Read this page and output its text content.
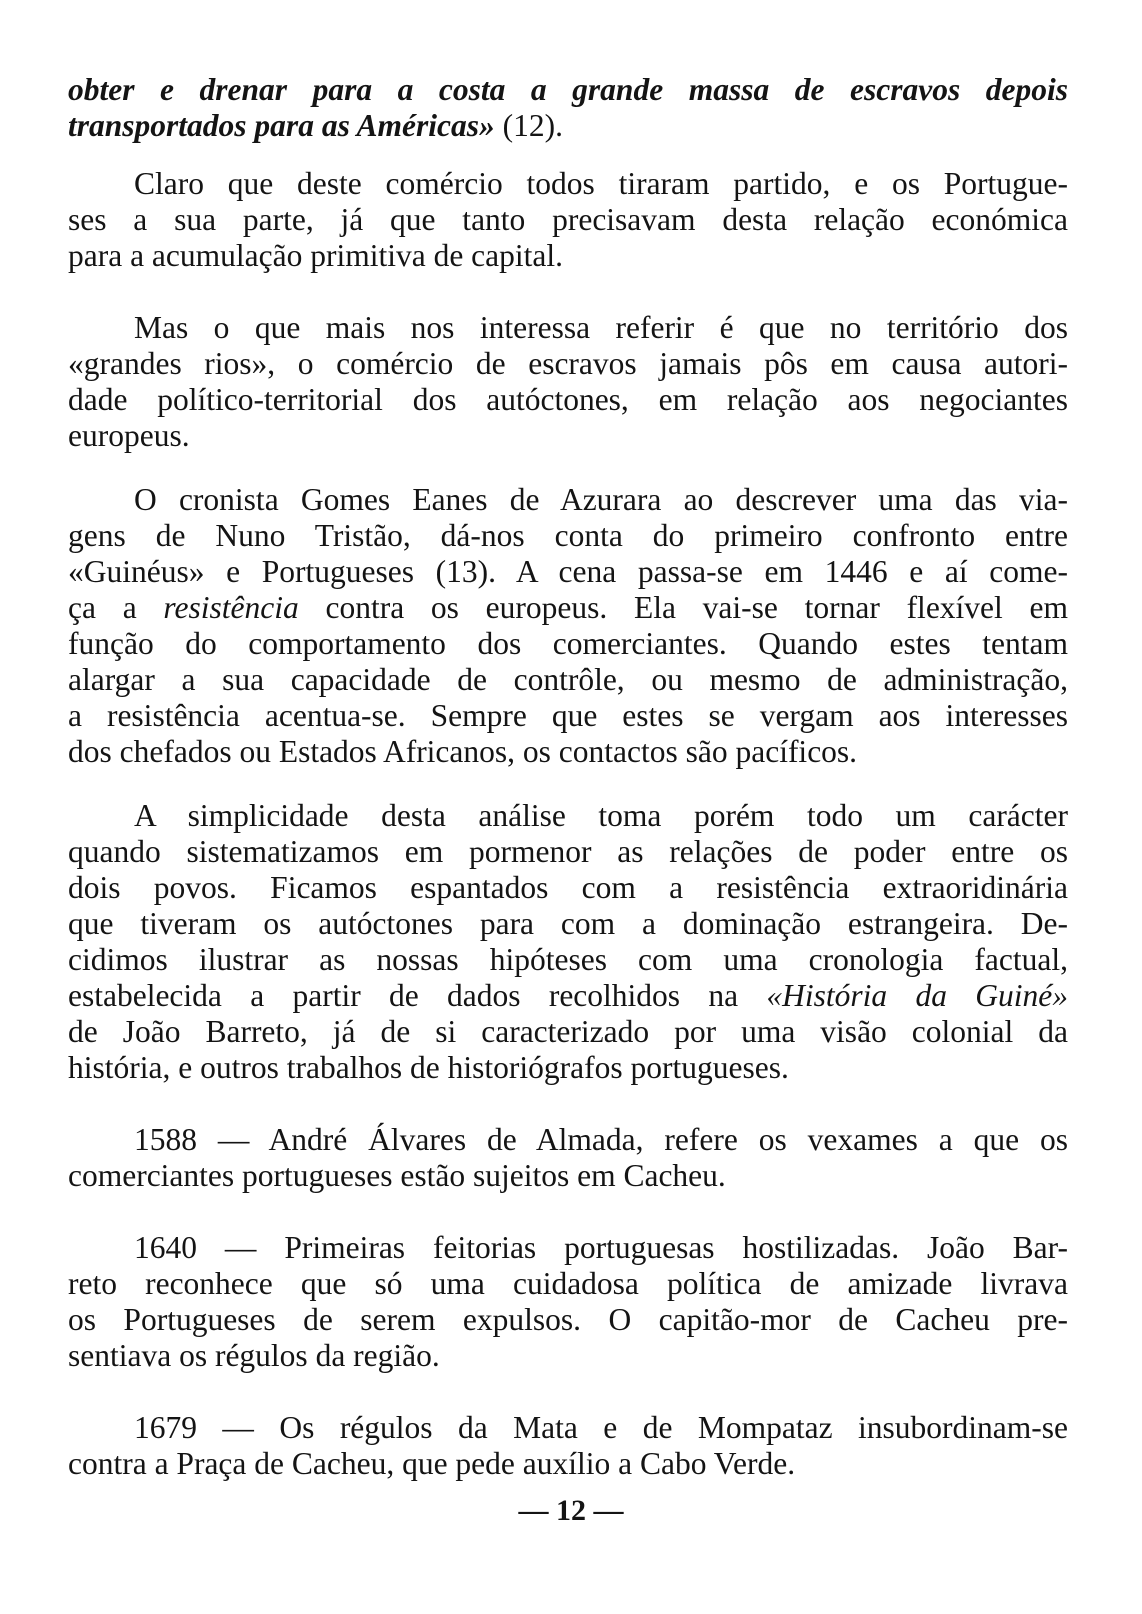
obter e drenar para a costa a grande massa de escravos depois
transportados para as Américas» (12).
Claro que deste comércio todos tiraram partido, e os Portugue-
ses a sua parte, já que tanto precisavam desta relação económica
para a acumulação primitiva de capital.
Mas o que mais nos interessa referir é que no território dos
«grandes rios», o comércio de escravos jamais pôs em causa autori-
dade político-territorial dos autóctones, em relação aos negociantes
europeus.
O cronista Gomes Eanes de Azurara ao descrever uma das via-
gens de Nuno Tristão, dá-nos conta do primeiro confronto entre
«Guinéus» e Portugueses (13). A cena passa-se em 1446 e aí come-
ça a resistência contra os europeus. Ela vai-se tornar flexível em
função do comportamento dos comerciantes. Quando estes tentam
alargar a sua capacidade de contrôle, ou mesmo de administração,
a resistência acentua-se. Sempre que estes se vergam aos interesses
dos chefados ou Estados Africanos, os contactos são pacíficos.
A simplicidade desta análise toma porém todo um carácter
quando sistematizamos em pormenor as relações de poder entre os
dois povos. Ficamos espantados com a resistência extraoridinária
que tiveram os autóctones para com a dominação estrangeira. De-
cidimos ilustrar as nossas hipóteses com uma cronologia factual,
estabelecida a partir de dados recolhidos na «História da Guiné»
de João Barreto, já de si caracterizado por uma visão colonial da
história, e outros trabalhos de historiógrafos portugueses.
1588 — André Álvares de Almada, refere os vexames a que os
comerciantes portugueses estão sujeitos em Cacheu.
1640 — Primeiras feitorias portuguesas hostilizadas. João Bar-
reto reconhece que só uma cuidadosa política de amizade livrava
os Portugueses de serem expulsos. O capitão-mor de Cacheu pre-
sentiava os régulos da região.
1679 — Os régulos da Mata e de Mompataz insubordinam-se
contra a Praça de Cacheu, que pede auxílio a Cabo Verde.
— 12 —
